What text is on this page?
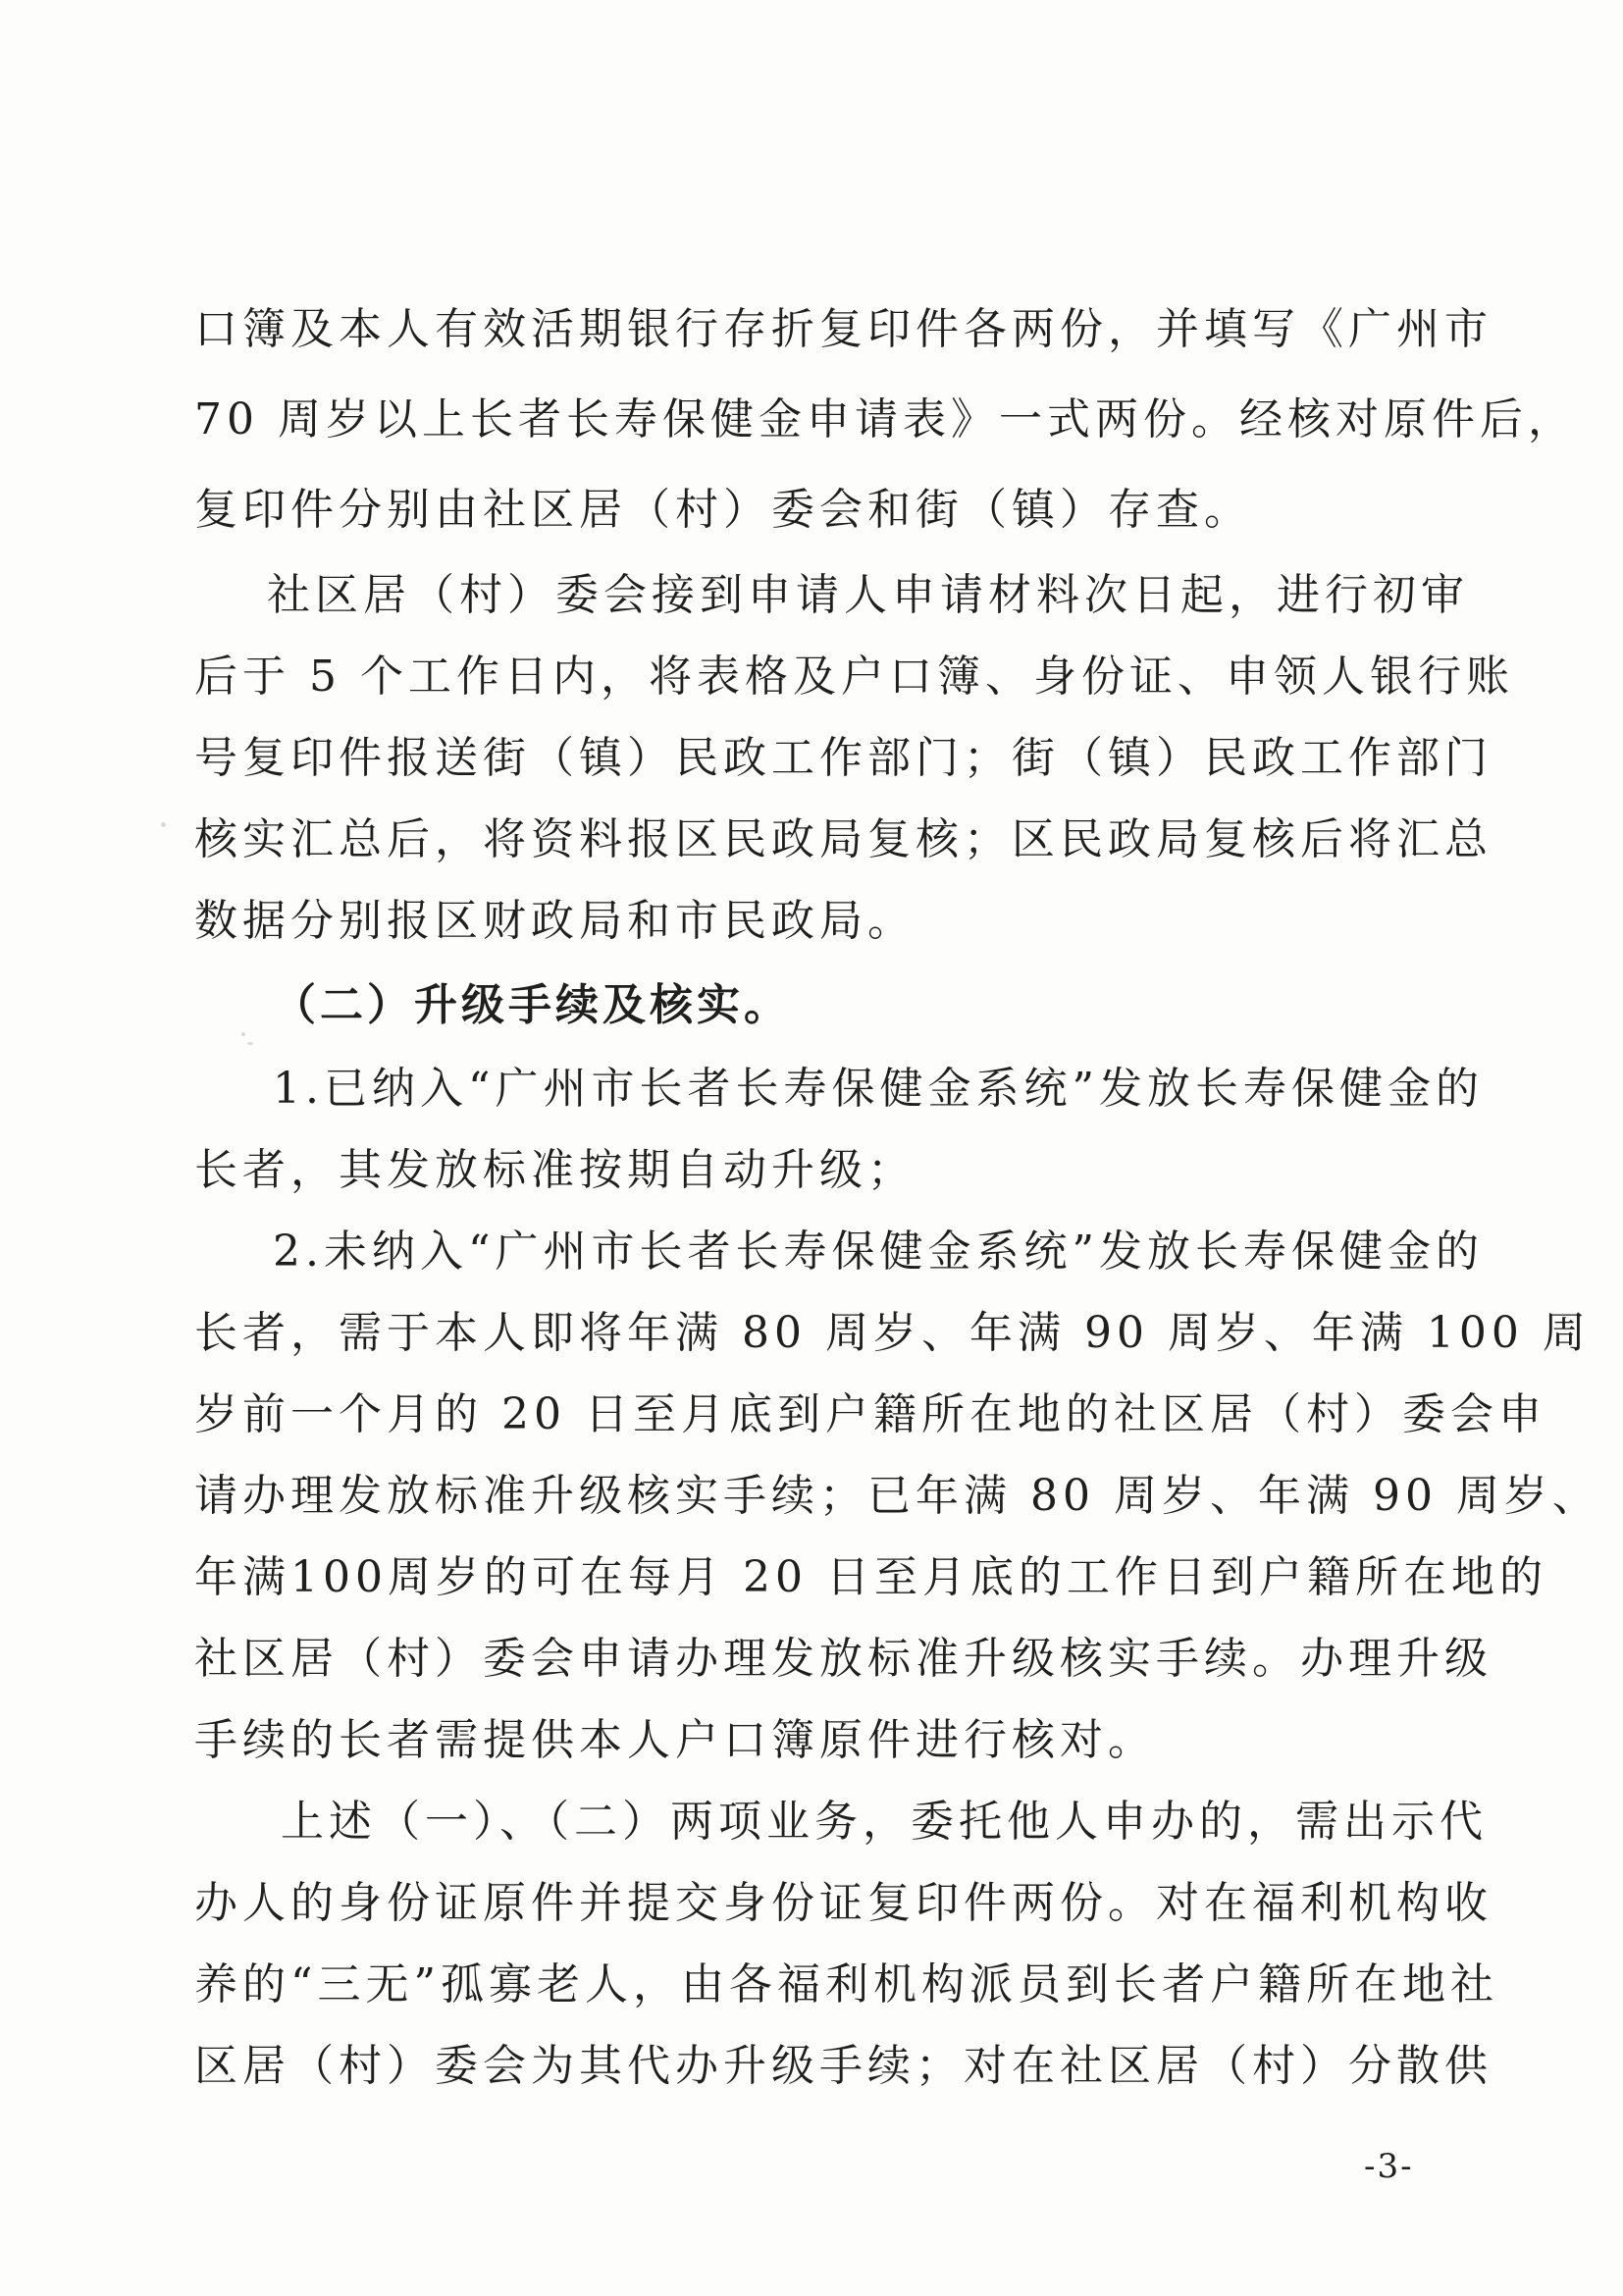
口簿及本人有效活期银行存折复印件各两份，并填写《广州市
70 周岁以上长者长寿保健金申请表》一式两份。经核对原件后，
复印件分别由社区居（村）委会和街（镇）存查。
社区居（村）委会接到申请人申请材料次日起，进行初审
后于 5 个工作日内，将表格及户口簿、身份证、申领人银行账
号复印件报送街（镇）民政工作部门；街（镇）民政工作部门
核实汇总后，将资料报区民政局复核；区民政局复核后将汇总
数据分别报区财政局和市民政局。
（二）升级手续及核实。
1.已纳入“广州市长者长寿保健金系统”发放长寿保健金的
长者，其发放标准按期自动升级；
2.未纳入“广州市长者长寿保健金系统”发放长寿保健金的
长者，需于本人即将年满 80 周岁、年满 90 周岁、年满 100 周
岁前一个月的 20 日至月底到户籍所在地的社区居（村）委会申
请办理发放标准升级核实手续；已年满 80 周岁、年满 90 周岁、
年满100周岁的可在每月 20 日至月底的工作日到户籍所在地的
社区居（村）委会申请办理发放标准升级核实手续。办理升级
手续的长者需提供本人户口簿原件进行核对。
上述（一）、（二）两项业务，委托他人申办的，需出示代
办人的身份证原件并提交身份证复印件两份。对在福利机构收
养的“三无”孤寡老人，由各福利机构派员到长者户籍所在地社
区居（村）委会为其代办升级手续；对在社区居（村）分散供
-3-
